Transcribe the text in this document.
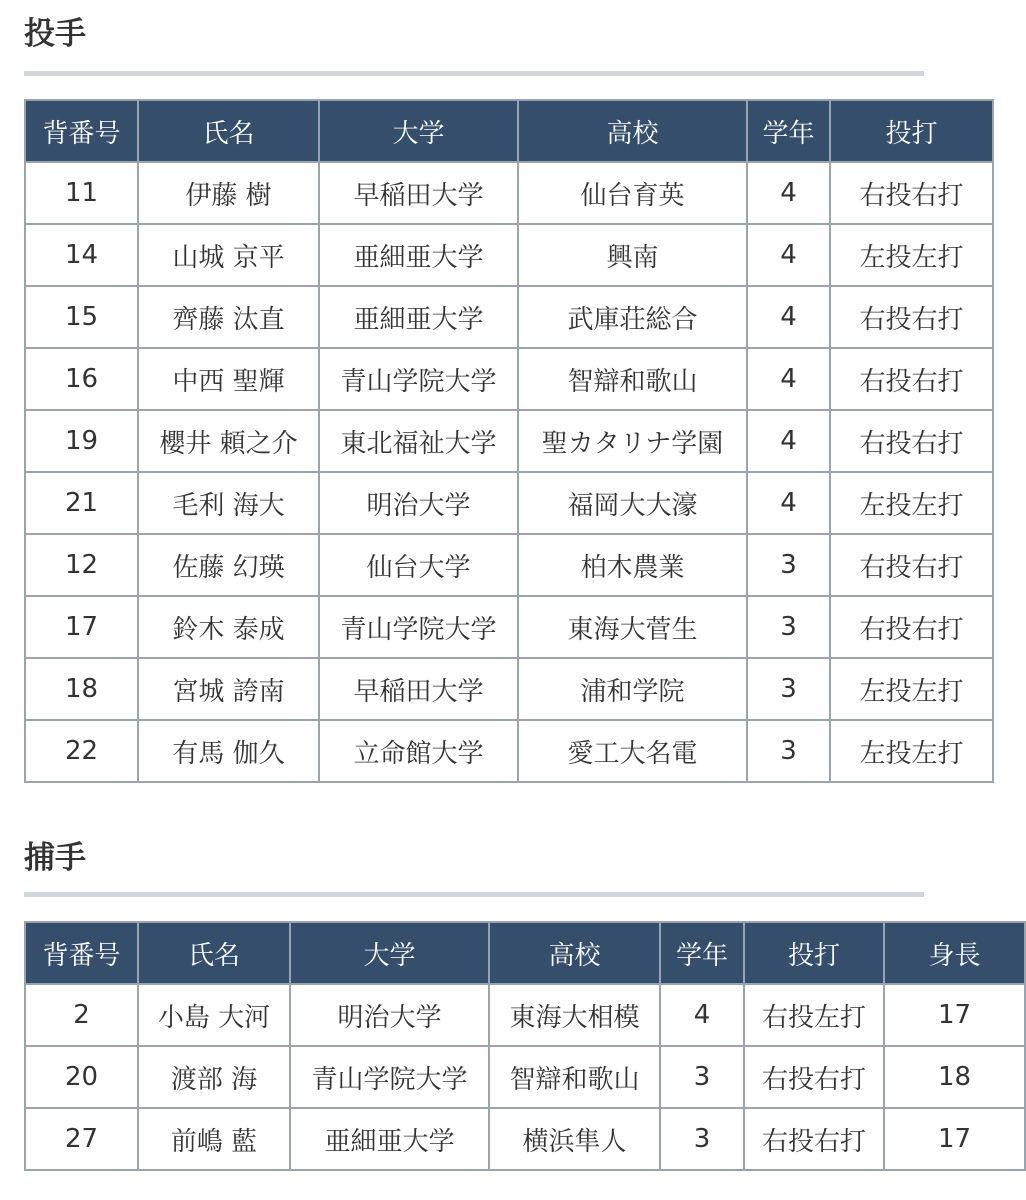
投手
背番号	氏名	大学	高校	学年	投打
11	伊藤 樹	早稲田大学	仙台育英	4	右投右打
14	山城 京平	亜細亜大学	興南	4	左投左打
15	齊藤 汰直	亜細亜大学	武庫荘総合	4	右投右打
16	中西 聖輝	青山学院大学	智辯和歌山	4	右投右打
19	櫻井 頼之介	東北福祉大学	聖カタリナ学園	4	右投右打
21	毛利 海大	明治大学	福岡大大濠	4	左投左打
12	佐藤 幻瑛	仙台大学	柏木農業	3	右投右打
17	鈴木 泰成	青山学院大学	東海大菅生	3	右投右打
18	宮城 誇南	早稲田大学	浦和学院	3	左投左打
22	有馬 伽久	立命館大学	愛工大名電	3	左投左打
捕手
背番号	氏名	大学	高校	学年	投打	身長
2	小島 大河	明治大学	東海大相模	4	右投左打	17
20	渡部 海	青山学院大学	智辯和歌山	3	右投右打	18
27	前嶋 藍	亜細亜大学	横浜隼人	3	右投右打	17
